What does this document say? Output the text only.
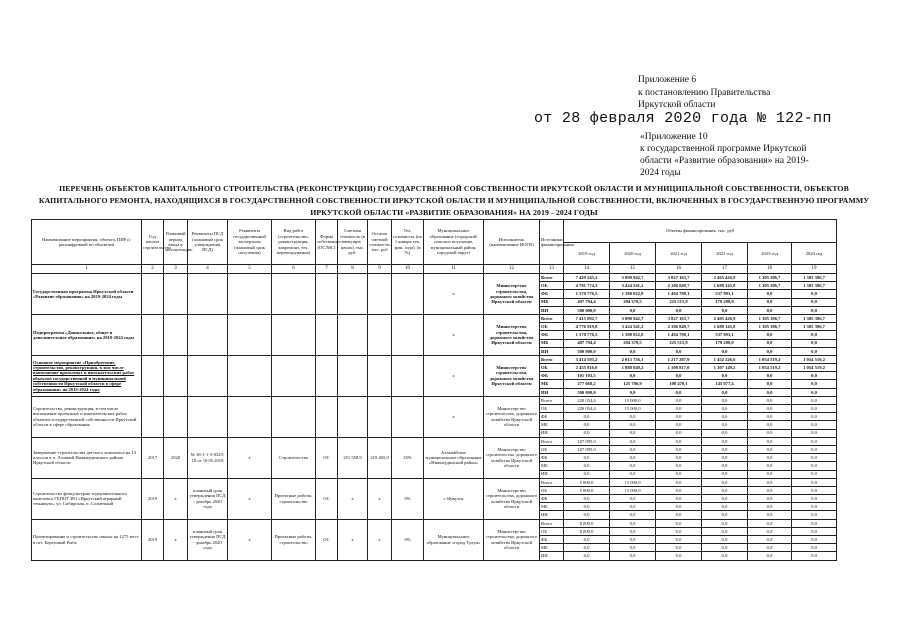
Приложение 6
к постановлению Правительства
Иркутской области
от 28 февраля 2020 года № 122-пп
«Приложение 10
к государственной программе Иркутской
области «Развитие образования» на 2019-
2024 годы
ПЕРЕЧЕНЬ ОБЪЕКТОВ КАПИТАЛЬНОГО СТРОИТЕЛЬСТВА (РЕКОНСТРУКЦИИ) ГОСУДАРСТВЕННОЙ СОБСТВЕННОСТИ ИРКУТСКОЙ ОБЛАСТИ И МУНИЦИПАЛЬНОЙ СОБСТВЕННОСТИ, ОБЪЕКТОВ
КАПИТАЛЬНОГО РЕМОНТА, НАХОДЯЩИХСЯ В ГОСУДАРСТВЕННОЙ СОБСТВЕННОСТИ ИРКУТСКОЙ ОБЛАСТИ И МУНИЦИПАЛЬНОЙ СОБСТВЕННОСТИ, ВКЛЮЧЕННЫХ В ГОСУДАРСТВЕННУЮ ПРОГРАММУ
ИРКУТСКОЙ ОБЛАСТИ «РАЗВИТИЕ ОБРАЗОВАНИЯ» НА 2019 - 2024 ГОДЫ
Наименование мероприятия, объекта, ПИР (с расшифровкой по объектам)	Год начала строительства	Плановый период ввода в эксплуатацию	Реквизиты ПСД (плановый срок утверждения ПСД)	Реквизиты государственной экспертизы (плановый срок получения)	Вид работ (строительство, реконструкция, капремонт, тех. перевооружение)	Форма собственности (ОС/МС)	Сметная стоимость (в текущих ценах), тыс. руб.	Остаток сметной стоимости, тыс. руб	Тех. готовность (на 1 января тек. фин. года), (в %)	Муниципальное образование (городской/сельское поселение, муниципальный район, городской округ)	Исполнитель (наименование ИОГВ)	Источники финансирования	Объемы финансирования, тыс. руб					
													2019 год	2020 год	2021 год	2022 год	2023 год	2024 год
1	2	3	4	5	6	7	8	9	10	11	12	13	14	15	16	17	18	19
Государственная программа Иркутской области «Развитие образования» на 2019-2024 годы										x	Министерство строительства, дорожного хозяйства Иркутской области	Всего	7 429 245,2	5 090 942,7	3 827 163,7	2 465 426,9	1 305 396,7	1 305 396,7
												ОБ	4 781 774,3	3 424 541,2	2 106 849,7	1 688 145,8	1 305 396,7	1 305 396,7
												ФБ	1 570 776,5	1 380 022,8	1 494 798,1	537 993,1	0,0	0,0
												МБ	497 794,4	294 378,5	225 515,9	179 288,0	0,0	0,0
												ИИ	580 000,0	0,0	0,0	0,0	0,0	0,0
Подпрограмма «Дошкольное, общее и дополнительное образование» на 2019-2024 годы										x	Министерство строительства, дорожного хозяйства Иркутской области	Всего	7 415 092,7	5 090 942,7	3 827 163,7	2 405 426,9	1 305 396,7	1 305 396,7
												ОБ	4 776 919,8	3 424 541,2	2 106 849,7	1 688 145,8	1 305 396,7	1 305 396,7
												ФБ	1 570 776,5	1 380 022,8	1 494 798,1	537 993,1	0,0	0,0
												МБ	487 794,4	294 378,5	225 515,9	179 288,0	0,0	0,0
												ИИ	580 000,0	0,0	0,0	0,0	0,0	0,0
Основное мероприятие «Приобретение, строительство, реконструкция, в том числе выполнение проектных и изыскательских работ объектов государственной и муниципальной собственности Иркутской области в сфере образования» на 2019-2024 годы										x	Министерство строительства, дорожного хозяйства Иркутской области	Всего	3 414 593,2	2 013 756,1	1 217 287,9	1 452 226,6	1 054 519,2	1 054 519,2
												ОБ	2 455 816,0	1 888 049,2	1 108 817,0	1 307 149,2	1 054 519,2	1 054 519,2
												ФБ	101 103,5	0,0	0,0	0,0	0,0	0,0
												МБ	277 668,2	125 706,9	108 470,1	145 077,4	0,0	0,0
												ИИ	580 000,0	0,0	0,0	0,0	0,0	0,0
Строительство, реконструкция, в том числе выполнение проектных и изыскательских работ, объектов государственной собственности Иркутской области в сфере образования										x	Министерство строительства, дорожного хозяйства Иркутской области	Всего	220 054,4	15 000,0	0,0	0,0	0,0	0,0
												ОБ	220 054,4	15 000,0	0,0	0,0	0,0	0,0
												ФБ	0,0	0,0	0,0	0,0	0,0	0,0
												МБ	0,0	0,0	0,0	0,0	0,0	0,0
												ИИ	0,0	0,0	0,0	0,0	0,0	0,0
Завершение строительства детского комплекса на 14 классов в п. Алзамай Нижнеудинского района Иркутской области	2017	2020	№ 38-1-1-3-0323-18 от 10.05.2018	x	Строительство	ОС	251 558,9	219 465,9	35%	Алзамайское муниципальное образование «Нижнеудинский район»	Министерство строительства, дорожного хозяйства Иркутской области	Всего	187 095,9	0,0	0,0	0,0	0,0	0,0
												ОБ	187 095,9	0,0	0,0	0,0	0,0	0,0
												ФБ	0,0	0,0	0,0	0,0	0,0	0,0
												МБ	0,0	0,0	0,0	0,0	0,0	0,0
												ИИ	0,0	0,0	0,0	0,0	0,0	0,0
Строительство физкультурно-оздоровительного комплекса ГБПОУ ИО «Иркутский аграрный техникум», ул. Сибирская, п. Солнечный	2019	x	плановый срок утверждения ПСД - декабрь 2020 года	x	Проектные работы, строительство	ОС	x	x	0%	г. Иркутск	Министерство строительства, дорожного хозяйства Иркутской области	Всего	5 000,0	15 000,0	0,0	0,0	0,0	0,0
												ОБ	5 000,0	15 000,0	0,0	0,0	0,0	0,0
												ФБ	0,0	0,0	0,0	0,0	0,0	0,0
												МБ	0,0	0,0	0,0	0,0	0,0	0,0
												ИИ	0,0	0,0	0,0	0,0	0,0	0,0
Проектирование и строительство школы на 1275 мест в пгт. Березовый Рыба	2019	x	плановый срок утверждения ПСД - декабрь 2020 года	x	Проектные работы, строительство	ОС	x	x	0%	Муниципальное образование «город Тулун»	Министерство строительства, дорожного хозяйства Иркутской области	Всего	8 000,0	0,0	0,0	0,0	0,0	0,0
												ОБ	8 000,0	0,0	0,0	0,0	0,0	0,0
												ФБ	0,0	0,0	0,0	0,0	0,0	0,0
												МБ	0,0	0,0	0,0	0,0	0,0	0,0
												ИИ	0,0	0,0	0,0	0,0	0,0	0,0
